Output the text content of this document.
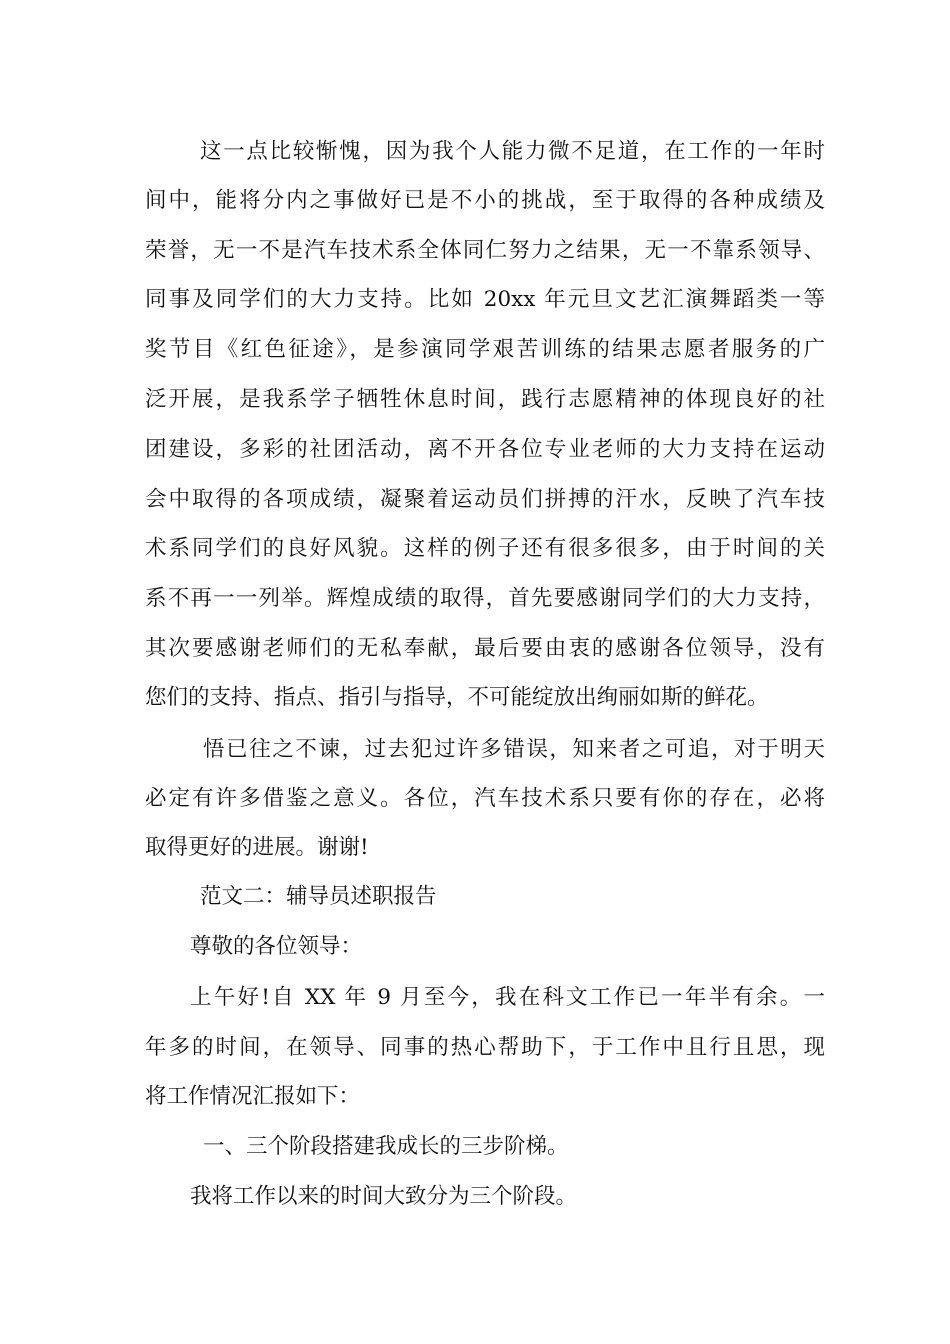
这一点比较惭愧，因为我个人能力微不足道，在工作的一年时
间中，能将分内之事做好已是不小的挑战，至于取得的各种成绩及
荣誉，无一不是汽车技术系全体同仁努力之结果，无一不靠系领导、
同事及同学们的大力支持。比如 20xx 年元旦文艺汇演舞蹈类一等
奖节目《红色征途》，是参演同学艰苦训练的结果志愿者服务的广
泛开展，是我系学子牺牲休息时间，践行志愿精神的体现良好的社
团建设，多彩的社团活动，离不开各位专业老师的大力支持在运动
会中取得的各项成绩，凝聚着运动员们拼搏的汗水，反映了汽车技
术系同学们的良好风貌。这样的例子还有很多很多，由于时间的关
系不再一一列举。辉煌成绩的取得，首先要感谢同学们的大力支持，
其次要感谢老师们的无私奉献，最后要由衷的感谢各位领导，没有
您们的支持、指点、指引与指导，不可能绽放出绚丽如斯的鲜花。
悟已往之不谏，过去犯过许多错误，知来者之可追，对于明天
必定有许多借鉴之意义。各位，汽车技术系只要有你的存在，必将
取得更好的进展。谢谢!
范文二：辅导员述职报告
尊敬的各位领导：
上午好!自 XX 年 9 月至今，我在科文工作已一年半有余。一
年多的时间，在领导、同事的热心帮助下，于工作中且行且思，现
将工作情况汇报如下：
一、三个阶段搭建我成长的三步阶梯。
我将工作以来的时间大致分为三个阶段。
